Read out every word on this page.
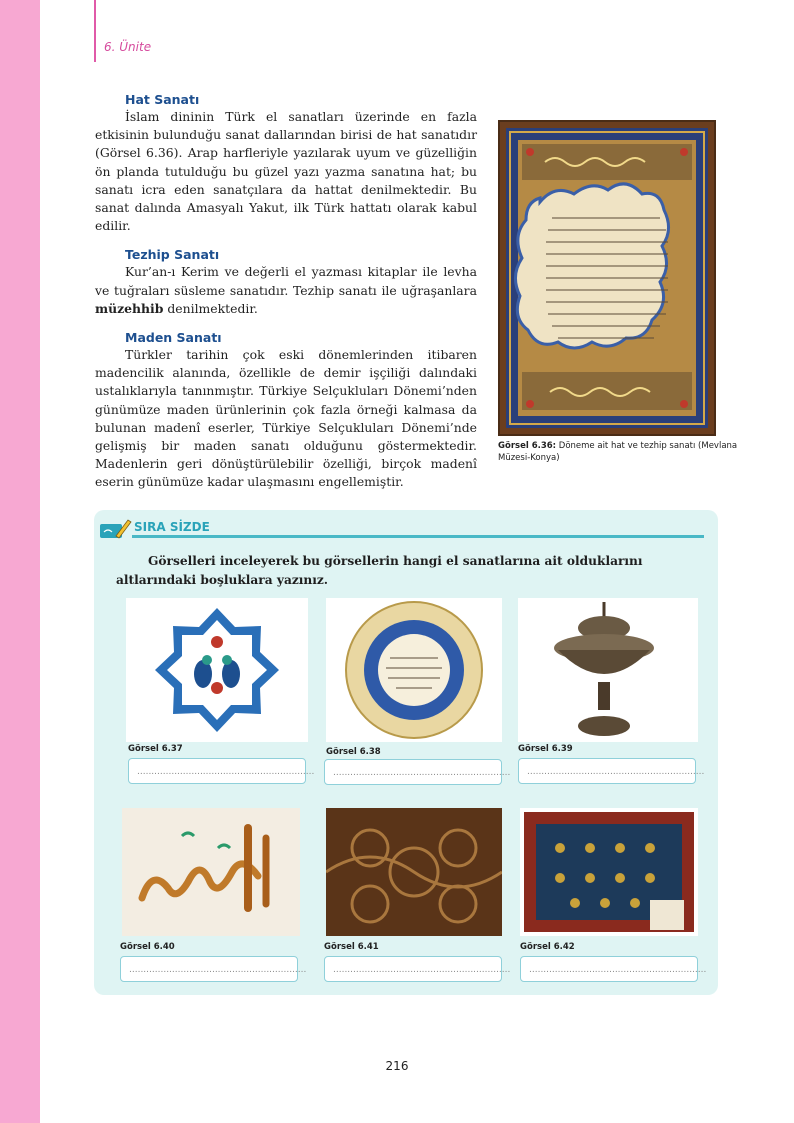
6. Ünite
Hat Sanatı
İslam dininin Türk el sanatları üzerinde en fazla etkisinin bulunduğu sanat dallarından birisi de hat sanatıdır (Görsel 6.36). Arap harfleriyle yazılarak uyum ve güzelliğin ön planda tutulduğu bu güzel yazı yazma sanatına hat; bu sanatı icra eden sanatçılara da hattat denilmektedir. Bu sanat dalında Amasyalı Yakut, ilk Türk hattatı olarak kabul edilir.
Tezhip Sanatı
Kur’an-ı Kerim ve değerli el yazması kitaplar ile levha ve tuğraları süsleme sanatıdır. Tezhip sanatı ile uğraşanlara müzehhib denilmektedir.
Maden Sanatı
Türkler tarihin çok eski dönemlerinden itibaren madencilik alanında, özellikle de demir işçiliği dalındaki ustalıklarıyla tanınmıştır. Türkiye Selçukluları Dönemi’nden günümüze maden ürünlerinin çok fazla örneği kalmasa da bulunan madenî eserler, Türkiye Selçukluları Dönemi’nde gelişmiş bir maden sanatı olduğunu göstermektedir. Madenlerin geri dönüştürülebilir özelliği, birçok madenî eserin günümüze kadar ulaşmasını engellemiştir.
Görsel 6.36: Döneme ait hat ve tezhip sanatı (Mevlana Müzesi-Konya)
SIRA SİZDE
Görselleri inceleyerek bu görsellerin hangi el sanatlarına ait olduklarını altlarındaki boşluklara yazınız.
Görsel 6.37	Görsel 6.38	Görsel 6.39
.............................................................. .............................................................. ..............................................................
Görsel 6.40	Görsel 6.41	Görsel 6.42
..............................................................	.............................................................. ..............................................................
216
